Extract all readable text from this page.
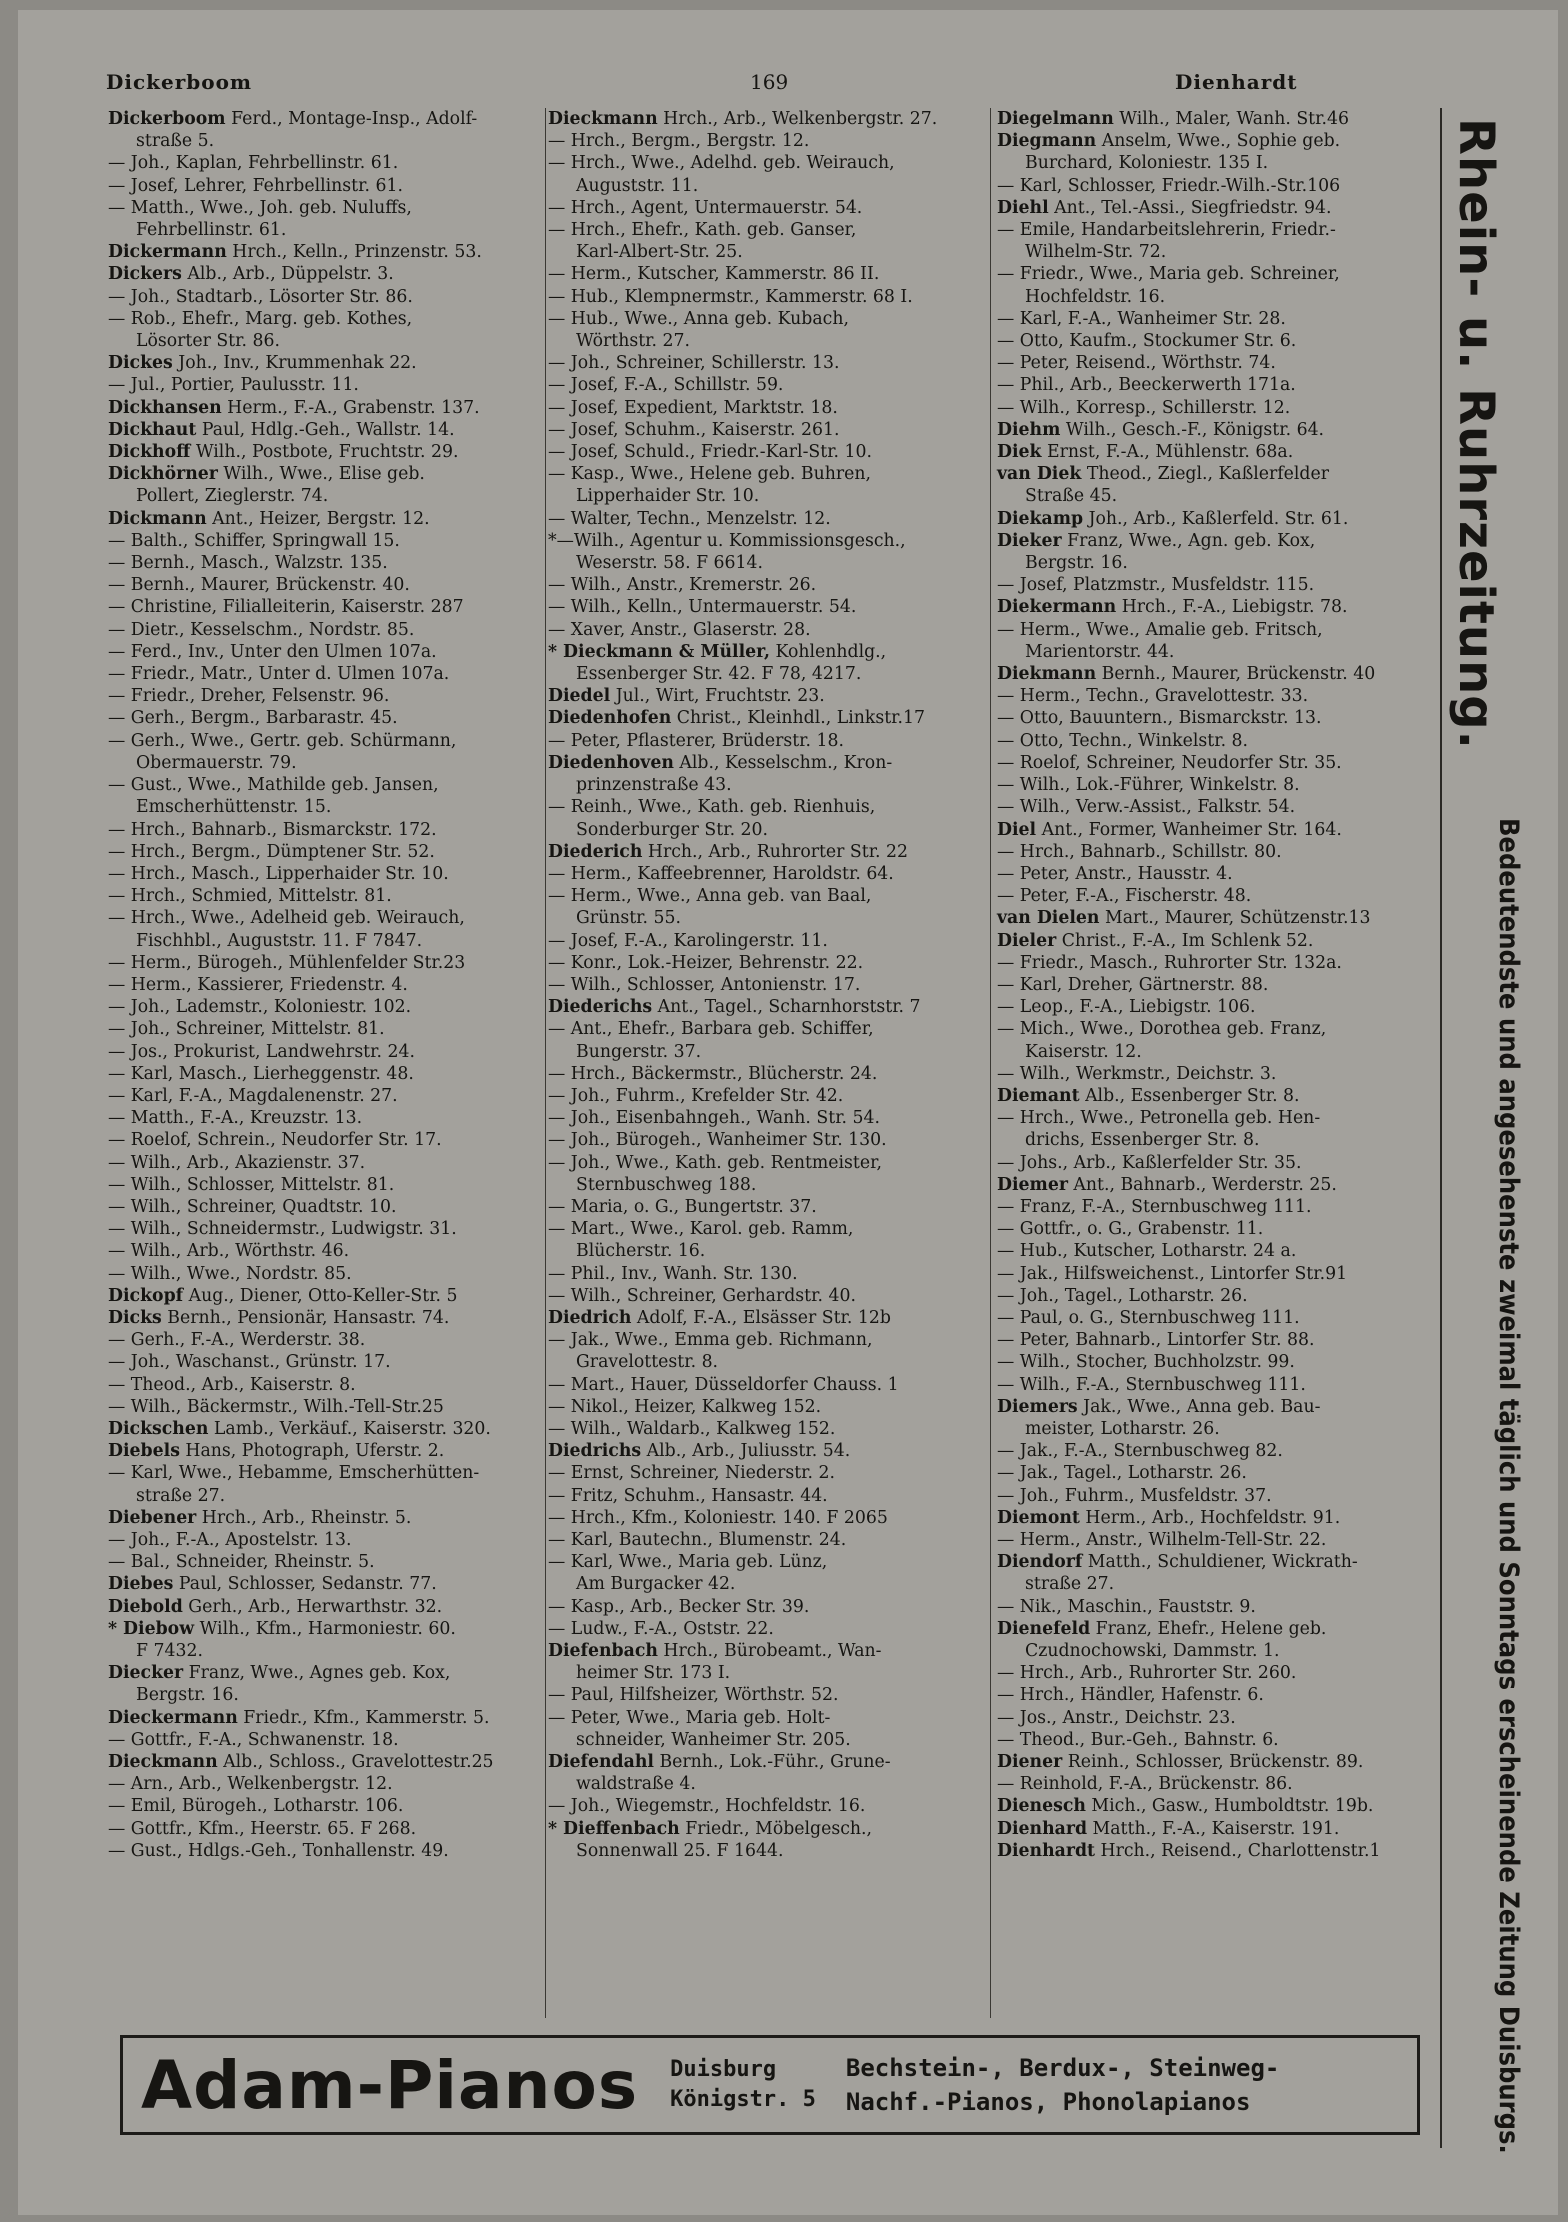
Dickerboom	169	Dienhardt
Dickerboom Ferd., Montage-Insp., Adolf-
straße 5.
— Joh., Kaplan, Fehrbellinstr. 61.
— Josef, Lehrer, Fehrbellinstr. 61.
— Matth., Wwe., Joh. geb. Nuluffs,
Fehrbellinstr. 61.
Dickermann Hrch., Kelln., Prinzenstr. 53.
Dickers Alb., Arb., Düppelstr. 3.
— Joh., Stadtarb., Lösorter Str. 86.
— Rob., Ehefr., Marg. geb. Kothes,
Lösorter Str. 86.
Dickes Joh., Inv., Krummenhak 22.
— Jul., Portier, Paulusstr. 11.
Dickhansen Herm., F.-A., Grabenstr. 137.
Dickhaut Paul, Hdlg.-Geh., Wallstr. 14.
Dickhoff Wilh., Postbote, Fruchtstr. 29.
Dickhörner Wilh., Wwe., Elise geb.
Pollert, Zieglerstr. 74.
Dickmann Ant., Heizer, Bergstr. 12.
— Balth., Schiffer, Springwall 15.
— Bernh., Masch., Walzstr. 135.
— Bernh., Maurer, Brückenstr. 40.
— Christine, Filialleiterin, Kaiserstr. 287
— Dietr., Kesselschm., Nordstr. 85.
— Ferd., Inv., Unter den Ulmen 107a.
— Friedr., Matr., Unter d. Ulmen 107a.
— Friedr., Dreher, Felsenstr. 96.
— Gerh., Bergm., Barbarastr. 45.
— Gerh., Wwe., Gertr. geb. Schürmann,
Obermauerstr. 79.
— Gust., Wwe., Mathilde geb. Jansen,
Emscherhüttenstr. 15.
— Hrch., Bahnarb., Bismarckstr. 172.
— Hrch., Bergm., Dümptener Str. 52.
— Hrch., Masch., Lipperhaider Str. 10.
— Hrch., Schmied, Mittelstr. 81.
— Hrch., Wwe., Adelheid geb. Weirauch,
Fischhbl., Auguststr. 11. F 7847.
— Herm., Bürogeh., Mühlenfelder Str.23
— Herm., Kassierer, Friedenstr. 4.
— Joh., Lademstr., Koloniestr. 102.
— Joh., Schreiner, Mittelstr. 81.
— Jos., Prokurist, Landwehrstr. 24.
— Karl, Masch., Lierheggenstr. 48.
— Karl, F.-A., Magdalenenstr. 27.
— Matth., F.-A., Kreuzstr. 13.
— Roelof, Schrein., Neudorfer Str. 17.
— Wilh., Arb., Akazienstr. 37.
— Wilh., Schlosser, Mittelstr. 81.
— Wilh., Schreiner, Quadtstr. 10.
— Wilh., Schneidermstr., Ludwigstr. 31.
— Wilh., Arb., Wörthstr. 46.
— Wilh., Wwe., Nordstr. 85.
Dickopf Aug., Diener, Otto-Keller-Str. 5
Dicks Bernh., Pensionär, Hansastr. 74.
— Gerh., F.-A., Werderstr. 38.
— Joh., Waschanst., Grünstr. 17.
— Theod., Arb., Kaiserstr. 8.
— Wilh., Bäckermstr., Wilh.-Tell-Str.25
Dickschen Lamb., Verkäuf., Kaiserstr. 320.
Diebels Hans, Photograph, Uferstr. 2.
— Karl, Wwe., Hebamme, Emscherhütten-
straße 27.
Diebener Hrch., Arb., Rheinstr. 5.
— Joh., F.-A., Apostelstr. 13.
— Bal., Schneider, Rheinstr. 5.
Diebes Paul, Schlosser, Sedanstr. 77.
Diebold Gerh., Arb., Herwarthstr. 32.
* Diebow Wilh., Kfm., Harmoniestr. 60.
F 7432.
Diecker Franz, Wwe., Agnes geb. Kox,
Bergstr. 16.
Dieckermann Friedr., Kfm., Kammerstr. 5.
— Gottfr., F.-A., Schwanenstr. 18.
Dieckmann Alb., Schloss., Gravelottestr.25
— Arn., Arb., Welkenbergstr. 12.
— Emil, Bürogeh., Lotharstr. 106.
— Gottfr., Kfm., Heerstr. 65. F 268.
— Gust., Hdlgs.-Geh., Tonhallenstr. 49.
Dieckmann Hrch., Arb., Welkenbergstr. 27.
— Hrch., Bergm., Bergstr. 12.
— Hrch., Wwe., Adelhd. geb. Weirauch,
Auguststr. 11.
— Hrch., Agent, Untermauerstr. 54.
— Hrch., Ehefr., Kath. geb. Ganser,
Karl-Albert-Str. 25.
— Herm., Kutscher, Kammerstr. 86 II.
— Hub., Klempnermstr., Kammerstr. 68 I.
— Hub., Wwe., Anna geb. Kubach,
Wörthstr. 27.
— Joh., Schreiner, Schillerstr. 13.
— Josef, F.-A., Schillstr. 59.
— Josef, Expedient, Marktstr. 18.
— Josef, Schuhm., Kaiserstr. 261.
— Josef, Schuld., Friedr.-Karl-Str. 10.
— Kasp., Wwe., Helene geb. Buhren,
Lipperhaider Str. 10.
— Walter, Techn., Menzelstr. 12.
*—Wilh., Agentur u. Kommissionsgesch.,
Weserstr. 58. F 6614.
— Wilh., Anstr., Kremerstr. 26.
— Wilh., Kelln., Untermauerstr. 54.
— Xaver, Anstr., Glaserstr. 28.
* Dieckmann & Müller, Kohlenhdlg.,
Essenberger Str. 42. F 78, 4217.
Diedel Jul., Wirt, Fruchtstr. 23.
Diedenhofen Christ., Kleinhdl., Linkstr.17
— Peter, Pflasterer, Brüderstr. 18.
Diedenhoven Alb., Kesselschm., Kron-
prinzenstraße 43.
— Reinh., Wwe., Kath. geb. Rienhuis,
Sonderburger Str. 20.
Diederich Hrch., Arb., Ruhrorter Str. 22
— Herm., Kaffeebrenner, Haroldstr. 64.
— Herm., Wwe., Anna geb. van Baal,
Grünstr. 55.
— Josef, F.-A., Karolingerstr. 11.
— Konr., Lok.-Heizer, Behrenstr. 22.
— Wilh., Schlosser, Antonienstr. 17.
Diederichs Ant., Tagel., Scharnhorststr. 7
— Ant., Ehefr., Barbara geb. Schiffer,
Bungerstr. 37.
— Hrch., Bäckermstr., Blücherstr. 24.
— Joh., Fuhrm., Krefelder Str. 42.
— Joh., Eisenbahngeh., Wanh. Str. 54.
— Joh., Bürogeh., Wanheimer Str. 130.
— Joh., Wwe., Kath. geb. Rentmeister,
Sternbuschweg 188.
— Maria, o. G., Bungertstr. 37.
— Mart., Wwe., Karol. geb. Ramm,
Blücherstr. 16.
— Phil., Inv., Wanh. Str. 130.
— Wilh., Schreiner, Gerhardstr. 40.
Diedrich Adolf, F.-A., Elsässer Str. 12b
— Jak., Wwe., Emma geb. Richmann,
Gravelottestr. 8.
— Mart., Hauer, Düsseldorfer Chauss. 1
— Nikol., Heizer, Kalkweg 152.
— Wilh., Waldarb., Kalkweg 152.
Diedrichs Alb., Arb., Juliusstr. 54.
— Ernst, Schreiner, Niederstr. 2.
— Fritz, Schuhm., Hansastr. 44.
— Hrch., Kfm., Koloniestr. 140. F 2065
— Karl, Bautechn., Blumenstr. 24.
— Karl, Wwe., Maria geb. Lünz,
Am Burgacker 42.
— Kasp., Arb., Becker Str. 39.
— Ludw., F.-A., Oststr. 22.
Diefenbach Hrch., Bürobeamt., Wan-
heimer Str. 173 I.
— Paul, Hilfsheizer, Wörthstr. 52.
— Peter, Wwe., Maria geb. Holt-
schneider, Wanheimer Str. 205.
Diefendahl Bernh., Lok.-Führ., Grune-
waldstraße 4.
— Joh., Wiegemstr., Hochfeldstr. 16.
* Dieffenbach Friedr., Möbelgesch.,
Sonnenwall 25. F 1644.
Diegelmann Wilh., Maler, Wanh. Str.46
Diegmann Anselm, Wwe., Sophie geb.
Burchard, Koloniestr. 135 I.
— Karl, Schlosser, Friedr.-Wilh.-Str.106
Diehl Ant., Tel.-Assi., Siegfriedstr. 94.
— Emile, Handarbeitslehrerin, Friedr.-
Wilhelm-Str. 72.
— Friedr., Wwe., Maria geb. Schreiner,
Hochfeldstr. 16.
— Karl, F.-A., Wanheimer Str. 28.
— Otto, Kaufm., Stockumer Str. 6.
— Peter, Reisend., Wörthstr. 74.
— Phil., Arb., Beeckerwerth 171a.
— Wilh., Korresp., Schillerstr. 12.
Diehm Wilh., Gesch.-F., Königstr. 64.
Diek Ernst, F.-A., Mühlenstr. 68a.
van Diek Theod., Ziegl., Kaßlerfelder
Straße 45.
Diekamp Joh., Arb., Kaßlerfeld. Str. 61.
Dieker Franz, Wwe., Agn. geb. Kox,
Bergstr. 16.
— Josef, Platzmstr., Musfeldstr. 115.
Diekermann Hrch., F.-A., Liebigstr. 78.
— Herm., Wwe., Amalie geb. Fritsch,
Marientorstr. 44.
Diekmann Bernh., Maurer, Brückenstr. 40
— Herm., Techn., Gravelottestr. 33.
— Otto, Bauuntern., Bismarckstr. 13.
— Otto, Techn., Winkelstr. 8.
— Roelof, Schreiner, Neudorfer Str. 35.
— Wilh., Lok.-Führer, Winkelstr. 8.
— Wilh., Verw.-Assist., Falkstr. 54.
Diel Ant., Former, Wanheimer Str. 164.
— Hrch., Bahnarb., Schillstr. 80.
— Peter, Anstr., Hausstr. 4.
— Peter, F.-A., Fischerstr. 48.
van Dielen Mart., Maurer, Schützenstr.13
Dieler Christ., F.-A., Im Schlenk 52.
— Friedr., Masch., Ruhrorter Str. 132a.
— Karl, Dreher, Gärtnerstr. 88.
— Leop., F.-A., Liebigstr. 106.
— Mich., Wwe., Dorothea geb. Franz,
Kaiserstr. 12.
— Wilh., Werkmstr., Deichstr. 3.
Diemant Alb., Essenberger Str. 8.
— Hrch., Wwe., Petronella geb. Hen-
drichs, Essenberger Str. 8.
— Johs., Arb., Kaßlerfelder Str. 35.
Diemer Ant., Bahnarb., Werderstr. 25.
— Franz, F.-A., Sternbuschweg 111.
— Gottfr., o. G., Grabenstr. 11.
— Hub., Kutscher, Lotharstr. 24 a.
— Jak., Hilfsweichenst., Lintorfer Str.91
— Joh., Tagel., Lotharstr. 26.
— Paul, o. G., Sternbuschweg 111.
— Peter, Bahnarb., Lintorfer Str. 88.
— Wilh., Stocher, Buchholzstr. 99.
— Wilh., F.-A., Sternbuschweg 111.
Diemers Jak., Wwe., Anna geb. Bau-
meister, Lotharstr. 26.
— Jak., F.-A., Sternbuschweg 82.
— Jak., Tagel., Lotharstr. 26.
— Joh., Fuhrm., Musfeldstr. 37.
Diemont Herm., Arb., Hochfeldstr. 91.
— Herm., Anstr., Wilhelm-Tell-Str. 22.
Diendorf Matth., Schuldiener, Wickrath-
straße 27.
— Nik., Maschin., Fauststr. 9.
Dienefeld Franz, Ehefr., Helene geb.
Czudnochowski, Dammstr. 1.
— Hrch., Arb., Ruhrorter Str. 260.
— Hrch., Händler, Hafenstr. 6.
— Jos., Anstr., Deichstr. 23.
— Theod., Bur.-Geh., Bahnstr. 6.
Diener Reinh., Schlosser, Brückenstr. 89.
— Reinhold, F.-A., Brückenstr. 86.
Dienesch Mich., Gasw., Humboldtstr. 19b.
Dienhard Matth., F.-A., Kaiserstr. 191.
Dienhardt Hrch., Reisend., Charlottenstr.1
Rhein- u. Ruhrzeitung.
Bedeutendste und angesehenste zweimal täglich und Sonntags erscheinende Zeitung Duisburgs.
Adam-Pianos Duisburg
Königstr. 5
Bechstein-, Berdux-, Steinweg-
Nachf.-Pianos, Phonolapianos
